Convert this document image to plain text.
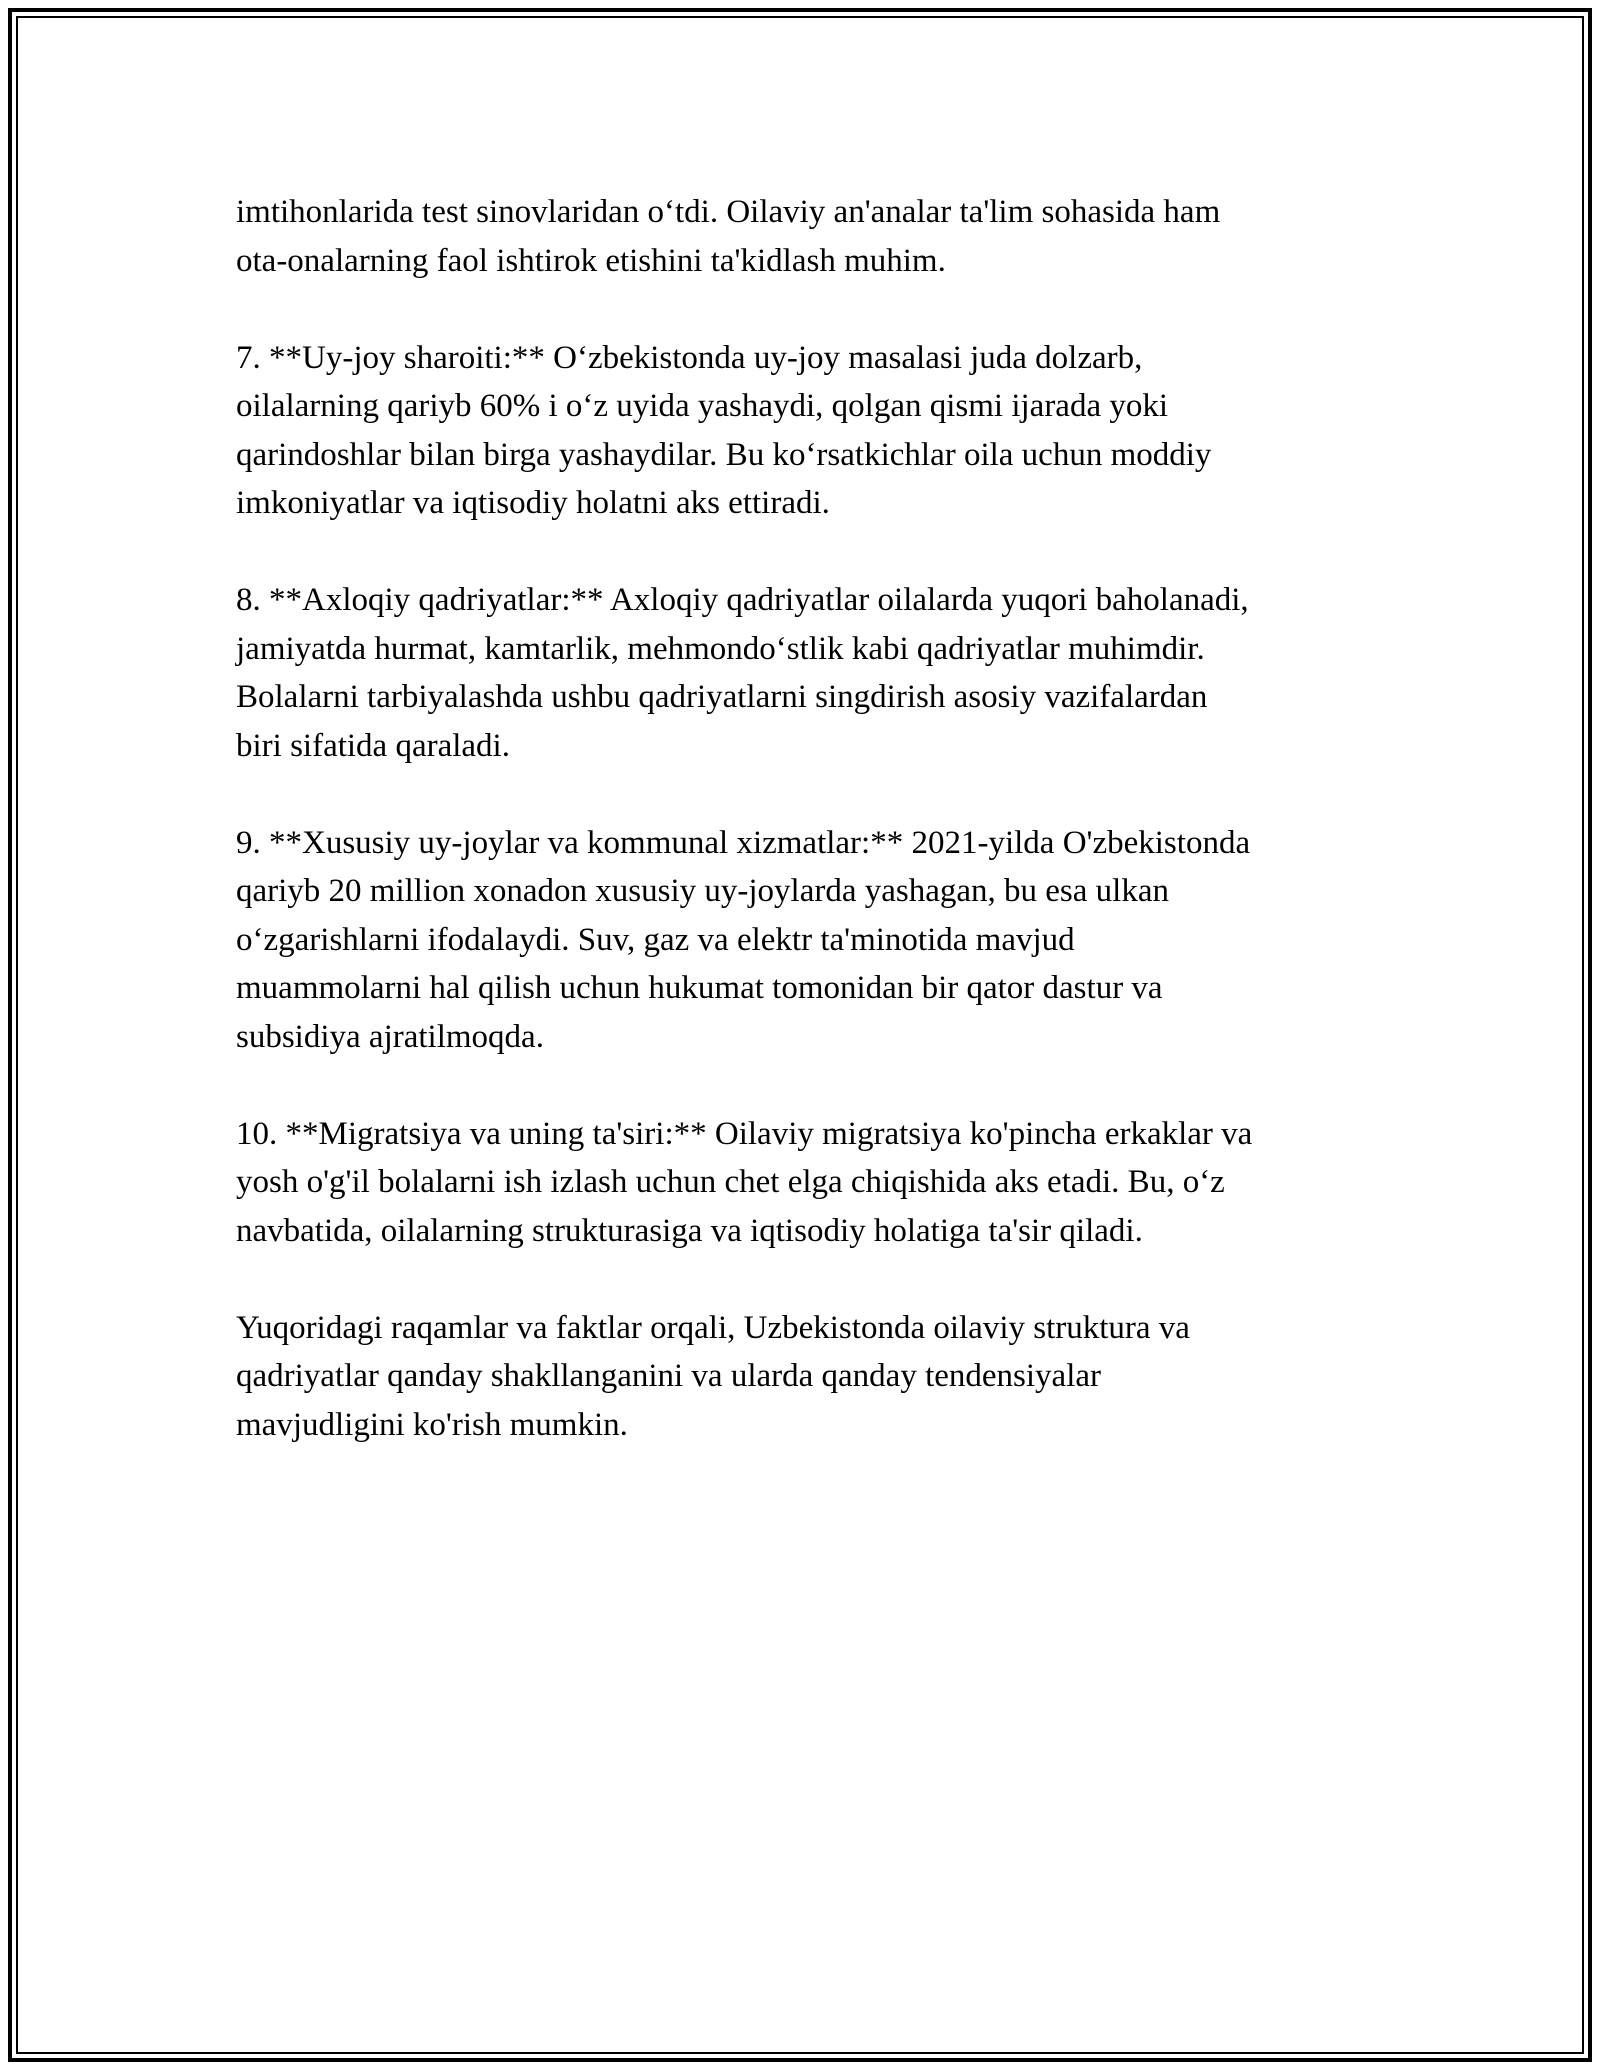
imtihonlarida test sinovlaridan o‘tdi. Oilaviy an'analar ta'lim sohasida ham
ota-onalarning faol ishtirok etishini ta'kidlash muhim.

7. **Uy-joy sharoiti:** O‘zbekistonda uy-joy masalasi juda dolzarb,
oilalarning qariyb 60% i o‘z uyida yashaydi, qolgan qismi ijarada yoki
qarindoshlar bilan birga yashaydilar. Bu ko‘rsatkichlar oila uchun moddiy
imkoniyatlar va iqtisodiy holatni aks ettiradi.

8. **Axloqiy qadriyatlar:** Axloqiy qadriyatlar oilalarda yuqori baholanadi,
jamiyatda hurmat, kamtarlik, mehmondo‘stlik kabi qadriyatlar muhimdir.
Bolalarni tarbiyalashda ushbu qadriyatlarni singdirish asosiy vazifalardan
biri sifatida qaraladi.

9. **Xususiy uy-joylar va kommunal xizmatlar:** 2021-yilda O'zbekistonda
qariyb 20 million xonadon xususiy uy-joylarda yashagan, bu esa ulkan
o‘zgarishlarni ifodalaydi. Suv, gaz va elektr ta'minotida mavjud
muammolarni hal qilish uchun hukumat tomonidan bir qator dastur va
subsidiya ajratilmoqda.

10. **Migratsiya va uning ta'siri:** Oilaviy migratsiya ko'pincha erkaklar va
yosh o'g'il bolalarni ish izlash uchun chet elga chiqishida aks etadi. Bu, o‘z
navbatida, oilalarning strukturasiga va iqtisodiy holatiga ta'sir qiladi.

Yuqoridagi raqamlar va faktlar orqali, Uzbekistonda oilaviy struktura va
qadriyatlar qanday shakllanganini va ularda qanday tendensiyalar
mavjudligini ko'rish mumkin.
